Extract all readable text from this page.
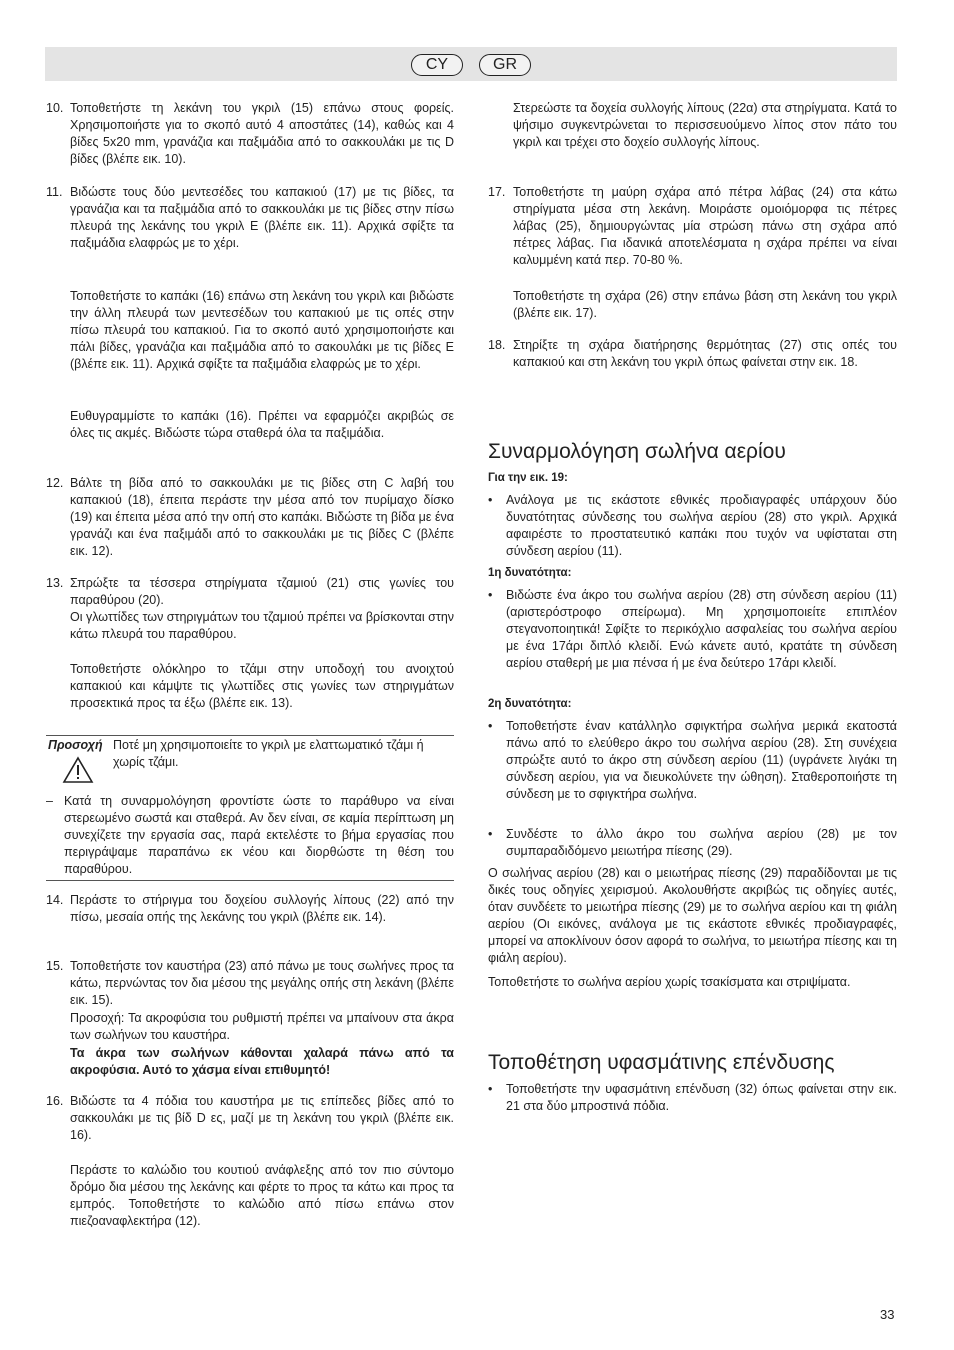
CY	GR
10. Τοποθετήστε τη λεκάνη του γκριλ (15) επάνω στους φορείς. Χρησιμοποιήστε για το σκοπό αυτό 4 αποστάτες (14), καθώς και 4 βίδες 5x20 mm, γρανάζια και παξιμάδια από το σακκουλάκι με τις D βίδες (βλέπε εικ. 10).
11. Βιδώστε τους δύο μεντεσέδες του καπακιού (17) με τις βίδες, τα γρανάζια και τα παξιμάδια από το σακκουλάκι με τις βίδες στην πίσω πλευρά της λεκάνης του γκριλ E (βλέπε εικ. 11). Αρχικά σφίξτε τα παξιμάδια ελαφρώς με το χέρι.
Τοποθετήστε το καπάκι (16) επάνω στη λεκάνη του γκριλ και βιδώστε την άλλη πλευρά των μεντεσέδων του καπακιού με τις οπές στην πίσω πλευρά του καπακιού. Για το σκοπό αυτό χρησιμοποιήστε και πάλι βίδες, γρανάζια και παξιμάδια από το σακουλάκι με τις βίδες E (βλέπε εικ. 11). Αρχικά σφίξτε τα παξιμάδια ελαφρώς με το χέρι.
Ευθυγραμμίστε το καπάκι (16). Πρέπει να εφαρμόζει ακριβώς σε όλες τις ακμές. Βιδώστε τώρα σταθερά όλα τα παξιμάδια.
12. Βάλτε τη βίδα από το σακκουλάκι με τις βίδες στη C λαβή του καπακιού (18), έπειτα περάστε την μέσα από τον πυρίμαχο δίσκο (19) και έπειτα μέσα από την οπή στο καπάκι. Βιδώστε τη βίδα με ένα γρανάζι και ένα παξιμάδι από το σακκουλάκι με τις βίδες C (βλέπε εικ. 12).
13. Σπρώξτε τα τέσσερα στηρίγματα τζαμιού (21) στις γωνίες του παραθύρου (20).
Οι γλωττίδες των στηριγμάτων του τζαμιού πρέπει να βρίσκονται στην κάτω πλευρά του παραθύρου.
Τοποθετήστε ολόκληρο το τζάμι στην υποδοχή του ανοιχτού καπακιού και κάμψτε τις γλωττίδες στις γωνίες των στηριγμάτων προσεκτικά προς τα έξω (βλέπε εικ. 13).
Προσοχή Ποτέ μη χρησιμοποιείτε το γκριλ με ελαττωματικό τζάμι ή χωρίς τζάμι.
– Κατά τη συναρμολόγηση φροντίστε ώστε το παράθυρο να είναι στερεωμένο σωστά και σταθερά. Αν δεν είναι, σε καμία περίπτωση μη συνεχίζετε την εργασία σας, παρά εκτελέστε το βήμα εργασίας που περιγράψαμε παραπάνω εκ νέου και διορθώστε τη θέση του παραθύρου.
14. Περάστε το στήριγμα του δοχείου συλλογής λίπους (22) από την πίσω, μεσαία οπής της λεκάνης του γκριλ (βλέπε εικ. 14).
15. Τοποθετήστε τον καυστήρα (23) από πάνω με τους σωλήνες προς τα κάτω, περνώντας τον δια μέσου της μεγάλης οπής στη λεκάνη (βλέπε εικ. 15).
Προσοχή: Τα ακροφύσια του ρυθμιστή πρέπει να μπαίνουν στα άκρα των σωλήνων του καυστήρα.
Τα άκρα των σωλήνων κάθονται χαλαρά πάνω από τα ακροφύσια. Αυτό το χάσμα είναι επιθυμητό!
16. Βιδώστε τα 4 πόδια του καυστήρα με τις επίπεδες βίδες από το σακκουλάκι με τις βίδ D ες, μαζί με τη λεκάνη του γκριλ (βλέπε εικ. 16).
Περάστε το καλώδιο του κουτιού ανάφλεξης από τον πιο σύντομο δρόμο δια μέσου της λεκάνης και φέρτε το προς τα κάτω και προς τα εμπρός. Τοποθετήστε το καλώδιο από πίσω επάνω στον πιεζοαναφλεκτήρα (12).
Στερεώστε τα δοχεία συλλογής λίπους (22α) στα στηρίγματα. Κατά το ψήσιμο συγκεντρώνεται το περισσευούμενο λίπος στον πάτο του γκριλ και τρέχει στο δοχείο συλλογής λίπους.
17. Τοποθετήστε τη μαύρη σχάρα από πέτρα λάβας (24) στα κάτω στηρίγματα μέσα στη λεκάνη. Μοιράστε ομοιόμορφα τις πέτρες λάβας (25), δημιουργώντας μία στρώση πάνω στη σχάρα από πέτρες λάβας. Για ιδανικά αποτελέσματα η σχάρα πρέπει να είναι καλυμμένη κατά περ. 70-80 %.
Τοποθετήστε τη σχάρα (26) στην επάνω βάση στη λεκάνη του γκριλ (βλέπε εικ. 17).
18. Στηρίξτε τη σχάρα διατήρησης θερμότητας (27) στις οπές του καπακιού και στη λεκάνη του γκριλ όπως φαίνεται στην εικ. 18.
Συναρμολόγηση σωλήνα αερίου
Για την εικ. 19:
•	Ανάλογα με τις εκάστοτε εθνικές προδιαγραφές υπάρχουν δύο δυνατότητας σύνδεσης του σωλήνα αερίου (28) στο γκριλ. Αρχικά αφαιρέστε το προστατευτικό καπάκι που τυχόν να υφίσταται στη σύνδεση αερίου (11).
1η δυνατότητα:
•	Βιδώστε ένα άκρο του σωλήνα αερίου (28) στη σύνδεση αερίου (11) (αριστερόστροφο σπείρωμα). Μη χρησιμοποιείτε επιπλέον στεγανοποιητικά! Σφίξτε το περικόχλιο ασφαλείας του σωλήνα αερίου με ένα 17άρι διπλό κλειδί. Ενώ κάνετε αυτό, κρατάτε τη σύνδεση αερίου σταθερή με μια πένσα ή με ένα δεύτερο 17άρι κλειδί.
2η δυνατότητα:
•	Τοποθετήστε έναν κατάλληλο σφιγκτήρα σωλήνα μερικά εκατοστά πάνω από το ελεύθερο άκρο του σωλήνα αερίου (28). Στη συνέχεια σπρώξτε αυτό το άκρο στη σύνδεση αερίου (11) (υγράνετε λιγάκι τη σύνδεση αερίου, για να διευκολύνετε την ώθηση). Σταθεροποιήστε τη σύνδεση με το σφιγκτήρα σωλήνα.
•	Συνδέστε το άλλο άκρο του σωλήνα αερίου (28) με τον συμπαραδιδόμενο μειωτήρα πίεσης (29).
Ο σωλήνας αερίου (28) και ο μειωτήρας πίεσης (29) παραδίδονται με τις δικές τους οδηγίες χειρισμού. Ακολουθήστε ακριβώς τις οδηγίες αυτές, όταν συνδέετε το μειωτήρα πίεσης (29) με το σωλήνα αερίου και τη φιάλη αερίου (Οι εικόνες, ανάλογα με τις εκάστοτε εθνικές προδιαγραφές, μπορεί να αποκλίνουν όσον αφορά το σωλήνα, το μειωτήρα πίεσης και τη φιάλη αερίου).
Τοποθετήστε το σωλήνα αερίου χωρίς τσακίσματα και στριψίματα.
Τοποθέτηση υφασμάτινης επένδυσης
•	Τοποθετήστε την υφασμάτινη επένδυση (32) όπως φαίνεται στην εικ. 21 στα δύο μπροστινά πόδια.
33
